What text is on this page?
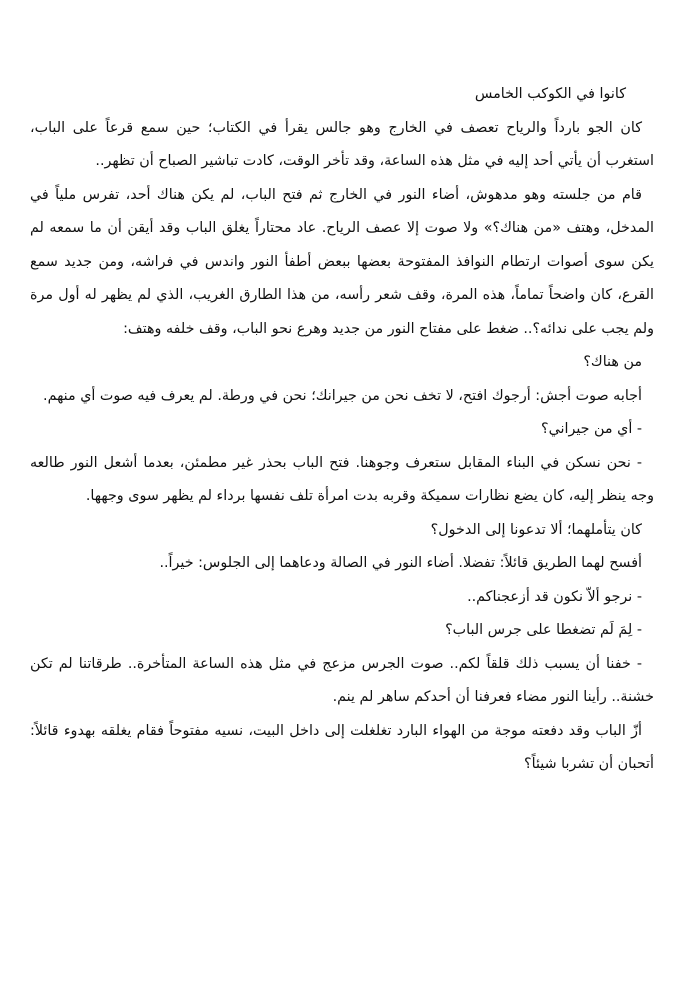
كانوا في الكوكب الخامس

كان الجو بارداً والرياح تعصف في الخارج وهو جالس يقرأ في الكتاب؛ حين سمع قرعاً على الباب، استغرب أن يأتي أحد إليه في مثل هذه الساعة، وقد تأخر الوقت، كادت تباشير الصباح أن تظهر..

قام من جلسته وهو مدهوش، أضاء النور في الخارج ثم فتح الباب، لم يكن هناك أحد، تفرس ملياً في المدخل، وهتف «من هناك؟» ولا صوت إلا عصف الرياح. عاد محتاراً يغلق الباب وقد أيقن أن ما سمعه لم يكن سوى أصوات ارتطام النوافذ المفتوحة بعضها ببعض أطفأ النور واندس في فراشه، ومن جديد سمع القرع، كان واضحاً تماماً، هذه المرة، وقف شعر رأسه، من هذا الطارق الغريب، الذي لم يظهر له أول مرة ولم يجب على ندائه؟.. ضغط على مفتاح النور من جديد وهرع نحو الباب، وقف خلفه وهتف:

من هناك؟

أجابه صوت أجش: أرجوك افتح، لا تخف نحن من جيرانك؛ نحن في ورطة. لم يعرف فيه صوت أي منهم.

- أي من جيراني؟

- نحن نسكن في البناء المقابل ستعرف وجوهنا. فتح الباب بحذر غير مطمئن، بعدما أشعل النور طالعه وجه ينظر إليه، كان يضع نظارات سميكة وقربه بدت امرأة تلف نفسها برداء لم يظهر سوى وجهها.

كان يتأملهما؛ ألا تدعونا إلى الدخول؟

أفسح لهما الطريق قائلاً: تفضلا. أضاء النور في الصالة ودعاهما إلى الجلوس: خيراً..

- نرجو ألاّ نكون قد أزعجناكم..

- لِمَ لَم تضغطا على جرس الباب؟

- خفنا أن يسبب ذلك قلقاً لكم.. صوت الجرس مزعج في مثل هذه الساعة المتأخرة.. طرقاتنا لم تكن خشنة.. رأينا النور مضاء فعرفنا أن أحدكم ساهر لم ينم.

أزّ الباب وقد دفعته موجة من الهواء البارد تغلغلت إلى داخل البيت، نسيه مفتوحاً فقام يغلقه بهدوء قائلاً: أتحبان أن تشربا شيئاً؟
